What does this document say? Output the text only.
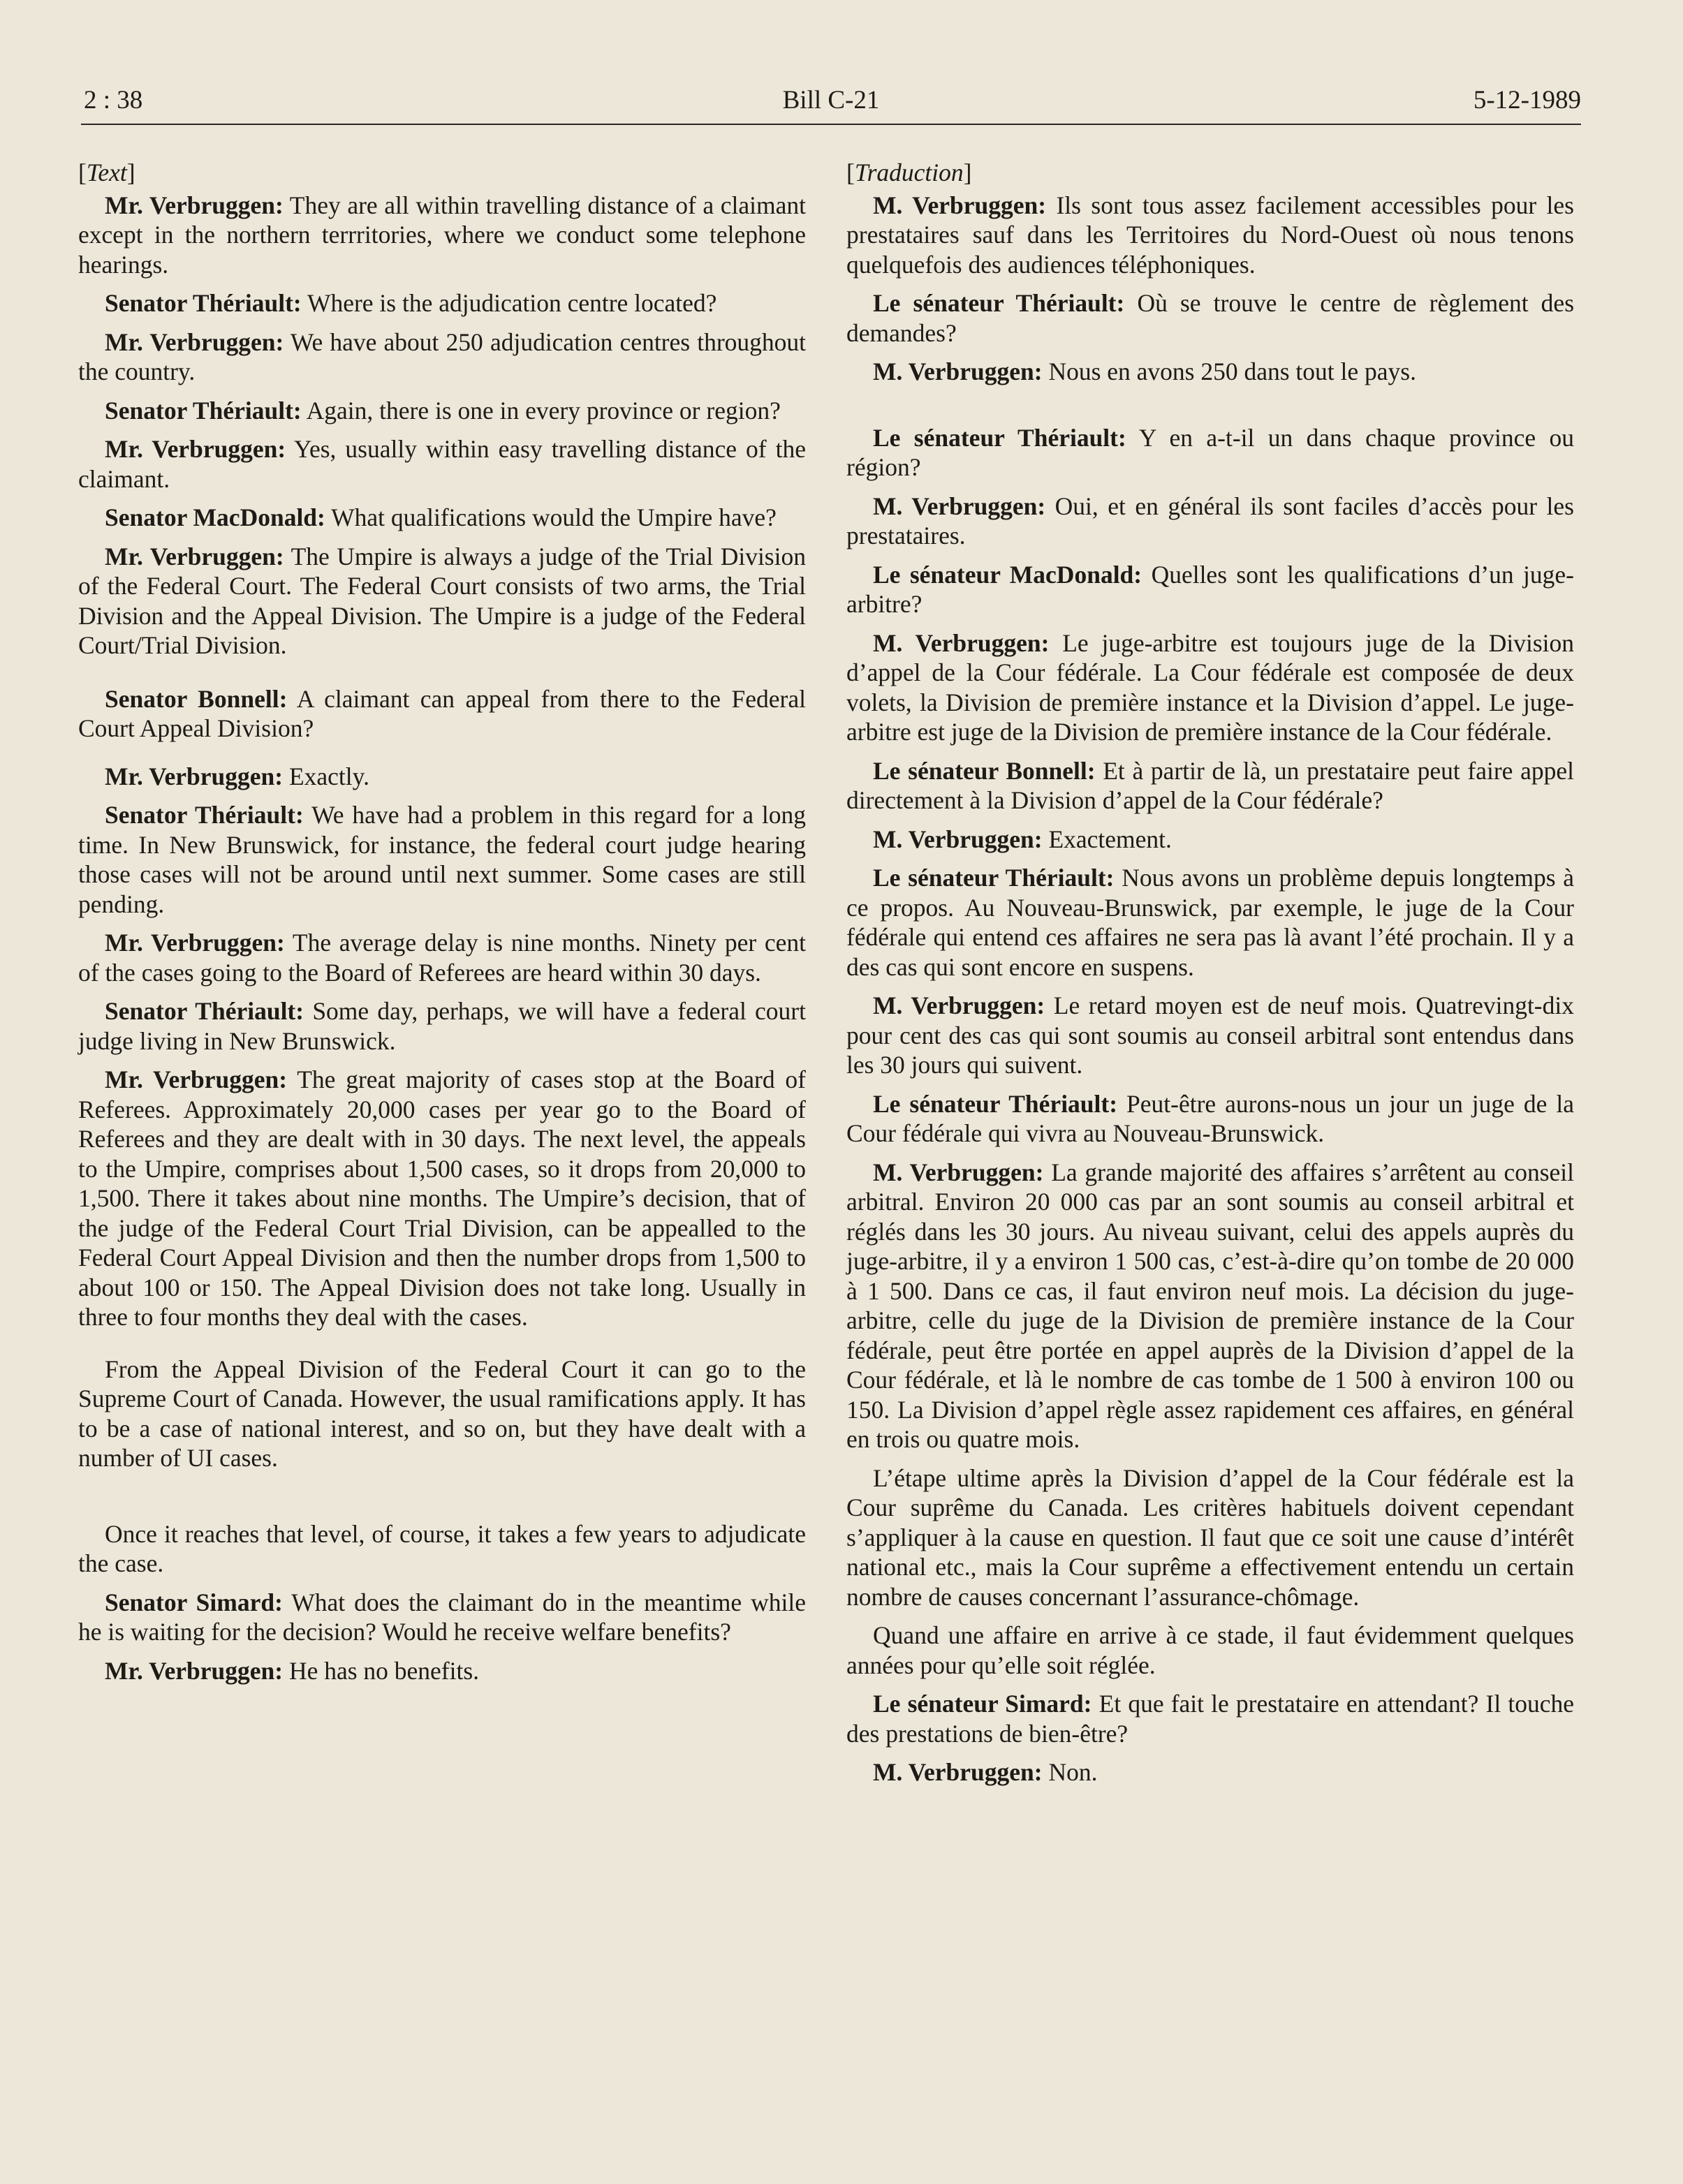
2 : 38	Bill C-21	5-12-1989
[Text]

Mr. Verbruggen: They are all within travelling distance of a claimant except in the northern terrritories, where we conduct some telephone hearings.

Senator Thériault: Where is the adjudication centre located?

Mr. Verbruggen: We have about 250 adjudication centres throughout the country.

Senator Thériault: Again, there is one in every province or region?

Mr. Verbruggen: Yes, usually within easy travelling distance of the claimant.

Senator MacDonald: What qualifications would the Umpire have?

Mr. Verbruggen: The Umpire is always a judge of the Trial Division of the Federal Court. The Federal Court consists of two arms, the Trial Division and the Appeal Division. The Umpire is a judge of the Federal Court/Trial Division.

Senator Bonnell: A claimant can appeal from there to the Federal Court Appeal Division?

Mr. Verbruggen: Exactly.

Senator Thériault: We have had a problem in this regard for a long time. In New Brunswick, for instance, the federal court judge hearing those cases will not be around until next summer. Some cases are still pending.

Mr. Verbruggen: The average delay is nine months. Ninety per cent of the cases going to the Board of Referees are heard within 30 days.

Senator Thériault: Some day, perhaps, we will have a federal court judge living in New Brunswick.

Mr. Verbruggen: The great majority of cases stop at the Board of Referees. Approximately 20,000 cases per year go to the Board of Referees and they are dealt with in 30 days. The next level, the appeals to the Umpire, comprises about 1,500 cases, so it drops from 20,000 to 1,500. There it takes about nine months. The Umpire’s decision, that of the judge of the Federal Court Trial Division, can be appealled to the Federal Court Appeal Division and then the number drops from 1,500 to about 100 or 150. The Appeal Division does not take long. Usually in three to four months they deal with the cases.

From the Appeal Division of the Federal Court it can go to the Supreme Court of Canada. However, the usual ramifications apply. It has to be a case of national interest, and so on, but they have dealt with a number of UI cases.

Once it reaches that level, of course, it takes a few years to adjudicate the case.

Senator Simard: What does the claimant do in the meantime while he is waiting for the decision? Would he receive welfare benefits?

Mr. Verbruggen: He has no benefits.

[Traduction]

M. Verbruggen: Ils sont tous assez facilement accessibles pour les prestataires sauf dans les Territoires du Nord-Ouest où nous tenons quelquefois des audiences téléphoniques.

Le sénateur Thériault: Où se trouve le centre de règlement des demandes?

M. Verbruggen: Nous en avons 250 dans tout le pays.

Le sénateur Thériault: Y en a-t-il un dans chaque province ou région?

M. Verbruggen: Oui, et en général ils sont faciles d’accès pour les prestataires.

Le sénateur MacDonald: Quelles sont les qualifications d’un juge-arbitre?

M. Verbruggen: Le juge-arbitre est toujours juge de la Division d’appel de la Cour fédérale. La Cour fédérale est composée de deux volets, la Division de première instance et la Division d’appel. Le juge-arbitre est juge de la Division de première instance de la Cour fédérale.

Le sénateur Bonnell: Et à partir de là, un prestataire peut faire appel directement à la Division d’appel de la Cour fédérale?

M. Verbruggen: Exactement.

Le sénateur Thériault: Nous avons un problème depuis longtemps à ce propos. Au Nouveau-Brunswick, par exemple, le juge de la Cour fédérale qui entend ces affaires ne sera pas là avant l’été prochain. Il y a des cas qui sont encore en suspens.

M. Verbruggen: Le retard moyen est de neuf mois. Quatrevingt-dix pour cent des cas qui sont soumis au conseil arbitral sont entendus dans les 30 jours qui suivent.

Le sénateur Thériault: Peut-être aurons-nous un jour un juge de la Cour fédérale qui vivra au Nouveau-Brunswick.

M. Verbruggen: La grande majorité des affaires s’arrêtent au conseil arbitral. Environ 20 000 cas par an sont soumis au conseil arbitral et réglés dans les 30 jours. Au niveau suivant, celui des appels auprès du juge-arbitre, il y a environ 1 500 cas, c’est-à-dire qu’on tombe de 20 000 à 1 500. Dans ce cas, il faut environ neuf mois. La décision du juge-arbitre, celle du juge de la Division de première instance de la Cour fédérale, peut être portée en appel auprès de la Division d’appel de la Cour fédérale, et là le nombre de cas tombe de 1 500 à environ 100 ou 150. La Division d’appel règle assez rapidement ces affaires, en général en trois ou quatre mois.

L’étape ultime après la Division d’appel de la Cour fédérale est la Cour suprême du Canada. Les critères habituels doivent cependant s’appliquer à la cause en question. Il faut que ce soit une cause d’intérêt national etc., mais la Cour suprême a effectivement entendu un certain nombre de causes concernant l’assurance-chômage.

Quand une affaire en arrive à ce stade, il faut évidemment quelques années pour qu’elle soit réglée.

Le sénateur Simard: Et que fait le prestataire en attendant? Il touche des prestations de bien-être?

M. Verbruggen: Non.
